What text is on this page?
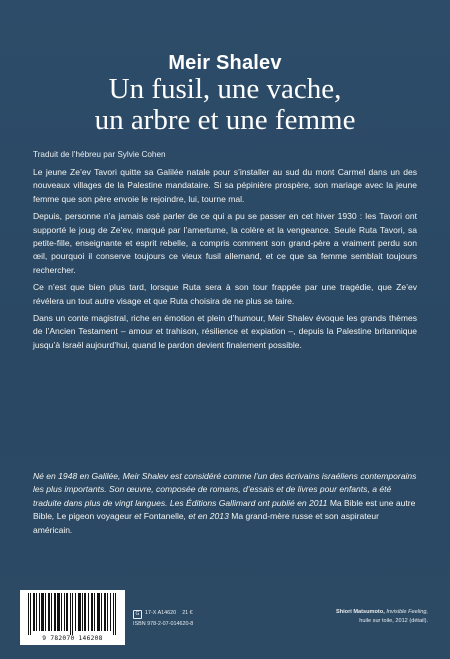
Meir Shalev
Un fusil, une vache,
un arbre et une femme
Traduit de l’hébreu par Sylvie Cohen

Le jeune Ze’ev Tavori quitte sa Galilée natale pour s’installer au sud du mont Carmel dans un des nouveaux villages de la Palestine mandataire. Si sa pépinière prospère, son mariage avec la jeune femme que son père envoie le rejoindre, lui, tourne mal.

Depuis, personne n’a jamais osé parler de ce qui a pu se passer en cet hiver 1930 : les Tavori ont supporté le joug de Ze’ev, marqué par l’amertume, la colère et la vengeance. Seule Ruta Tavori, sa petite-fille, enseignante et esprit rebelle, a compris comment son grand-père a vraiment perdu son œil, pourquoi il conserve toujours ce vieux fusil allemand, et ce que sa femme semblait toujours rechercher.

Ce n’est que bien plus tard, lorsque Ruta sera à son tour frappée par une tragédie, que Ze’ev révélera un tout autre visage et que Ruta choisira de ne plus se taire.

Dans un conte magistral, riche en émotion et plein d’humour, Meir Shalev évoque les grands thèmes de l’Ancien Testament – amour et trahison, résilience et expiation –, depuis la Palestine britannique jusqu’à Israël aujourd’hui, quand le pardon devient finalement possible.

Né en 1948 en Galilée, Meir Shalev est considéré comme l’un des écrivains israéliens contemporains les plus importants. Son œuvre, composée de romans, d’essais et de livres pour enfants, a été traduite dans plus de vingt langues. Les Éditions Gallimard ont publié en 2011 Ma Bible est une autre Bible, Le pigeon voyageur et Fontanelle, et en 2013 Ma grand-mère russe et son aspirateur américain.
9 782070 146208
G 17-X A14620 21 €
ISBN 978-2-07-014620-8
Shiori Matsumoto, Invisible Feeling,
huile sur toile, 2012 (détail).
